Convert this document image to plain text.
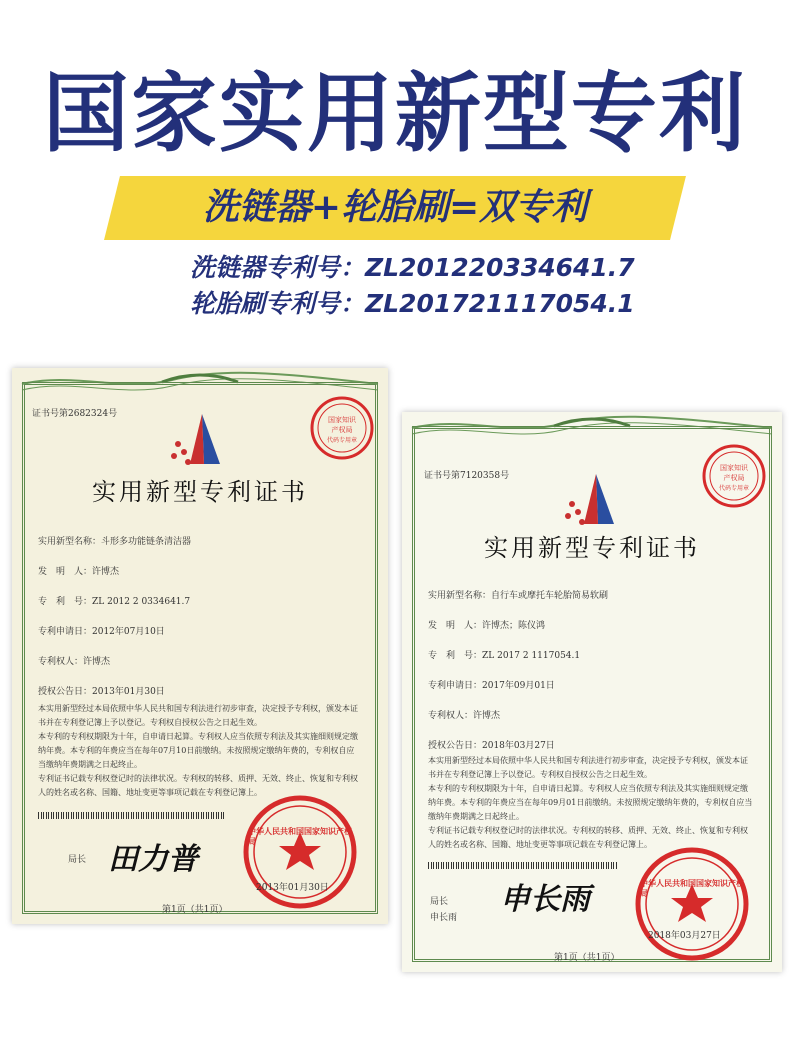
国家实用新型专利
洗链器+轮胎刷=双专利
洗链器专利号：ZL201220334641.7
轮胎刷专利号：ZL201721117054.1
证书号第2682324号
国家知识
产权局
代码专用章
实用新型专利证书
实用新型名称：斗形多功能链条清洁器
发　明　人：许博杰
专　利　号：ZL 2012 2 0334641.7
专利申请日：2012年07月10日
专利权人：许博杰
授权公告日：2013年01月30日
本实用新型经过本局依照中华人民共和国专利法进行初步审查，决定授予专利权，颁发本证书并在专利登记簿上予以登记。专利权自授权公告之日起生效。
本专利的专利权期限为十年，自申请日起算。专利权人应当依照专利法及其实施细则规定缴纳年费。本专利的年费应当在每年07月10日前缴纳。未按照规定缴纳年费的，专利权自应当缴纳年费期满之日起终止。
专利证书记载专利权登记时的法律状况。专利权的转移、质押、无效、终止、恢复和专利权人的姓名或名称、国籍、地址变更等事项记载在专利登记簿上。
局长 田力普
中华人民共和国国家知识产权局
2013年01月30日
第1页（共1页）
证书号第7120358号
国家知识
产权局
代码专用章
实用新型专利证书
实用新型名称：自行车或摩托车轮胎简易软刷
发　明　人：许博杰；陈仪鸿
专　利　号：ZL 2017 2 1117054.1
专利申请日：2017年09月01日
专利权人：许博杰
授权公告日：2018年03月27日
本实用新型经过本局依照中华人民共和国专利法进行初步审查，决定授予专利权，颁发本证书并在专利登记簿上予以登记。专利权自授权公告之日起生效。
本专利的专利权期限为十年，自申请日起算。专利权人应当依照专利法及其实施细则规定缴纳年费。本专利的年费应当在每年09月01日前缴纳。未按照规定缴纳年费的，专利权自应当缴纳年费期满之日起终止。
专利证书记载专利权登记时的法律状况。专利权的转移、质押、无效、终止、恢复和专利权人的姓名或名称、国籍、地址变更等事项记载在专利登记簿上。
局长
申长雨
申长雨	中华人民共和国国家知识产权局
2018年03月27日
第1页（共1页）
